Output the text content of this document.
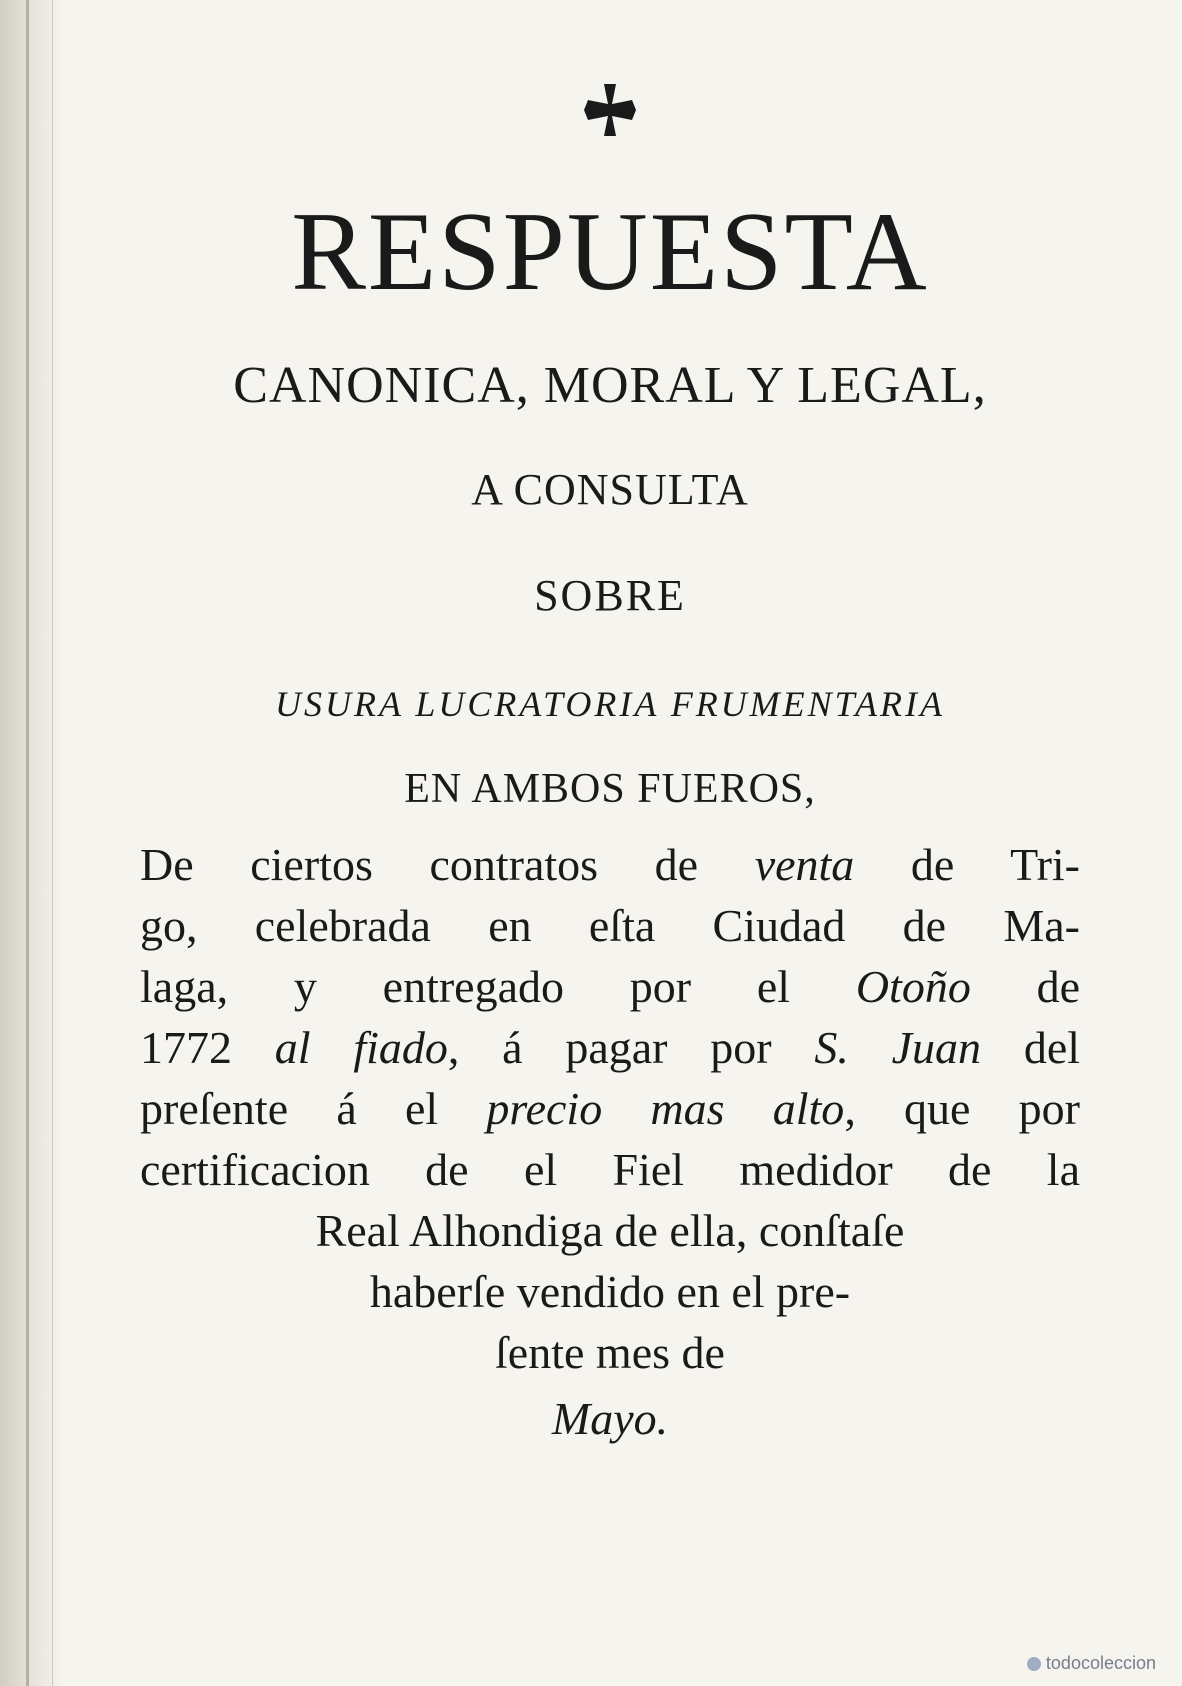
RESPUESTA
CANONICA, MORAL Y LEGAL,
A CONSULTA
SOBRE
USURA LUCRATORIA FRUMENTARIA
EN AMBOS FUEROS,
De ciertos contratos de venta de Tri-
go, celebrada en eſta Ciudad de Ma-
laga, y entregado por el Otoño de
1772 al fiado, á pagar por S. Juan del
preſente á el precio mas alto, que por
certificacion de el Fiel medidor de la
Real Alhondiga de ella, conſtaſe
haberſe vendido en el pre-
ſente mes de
Mayo.
todocoleccion
